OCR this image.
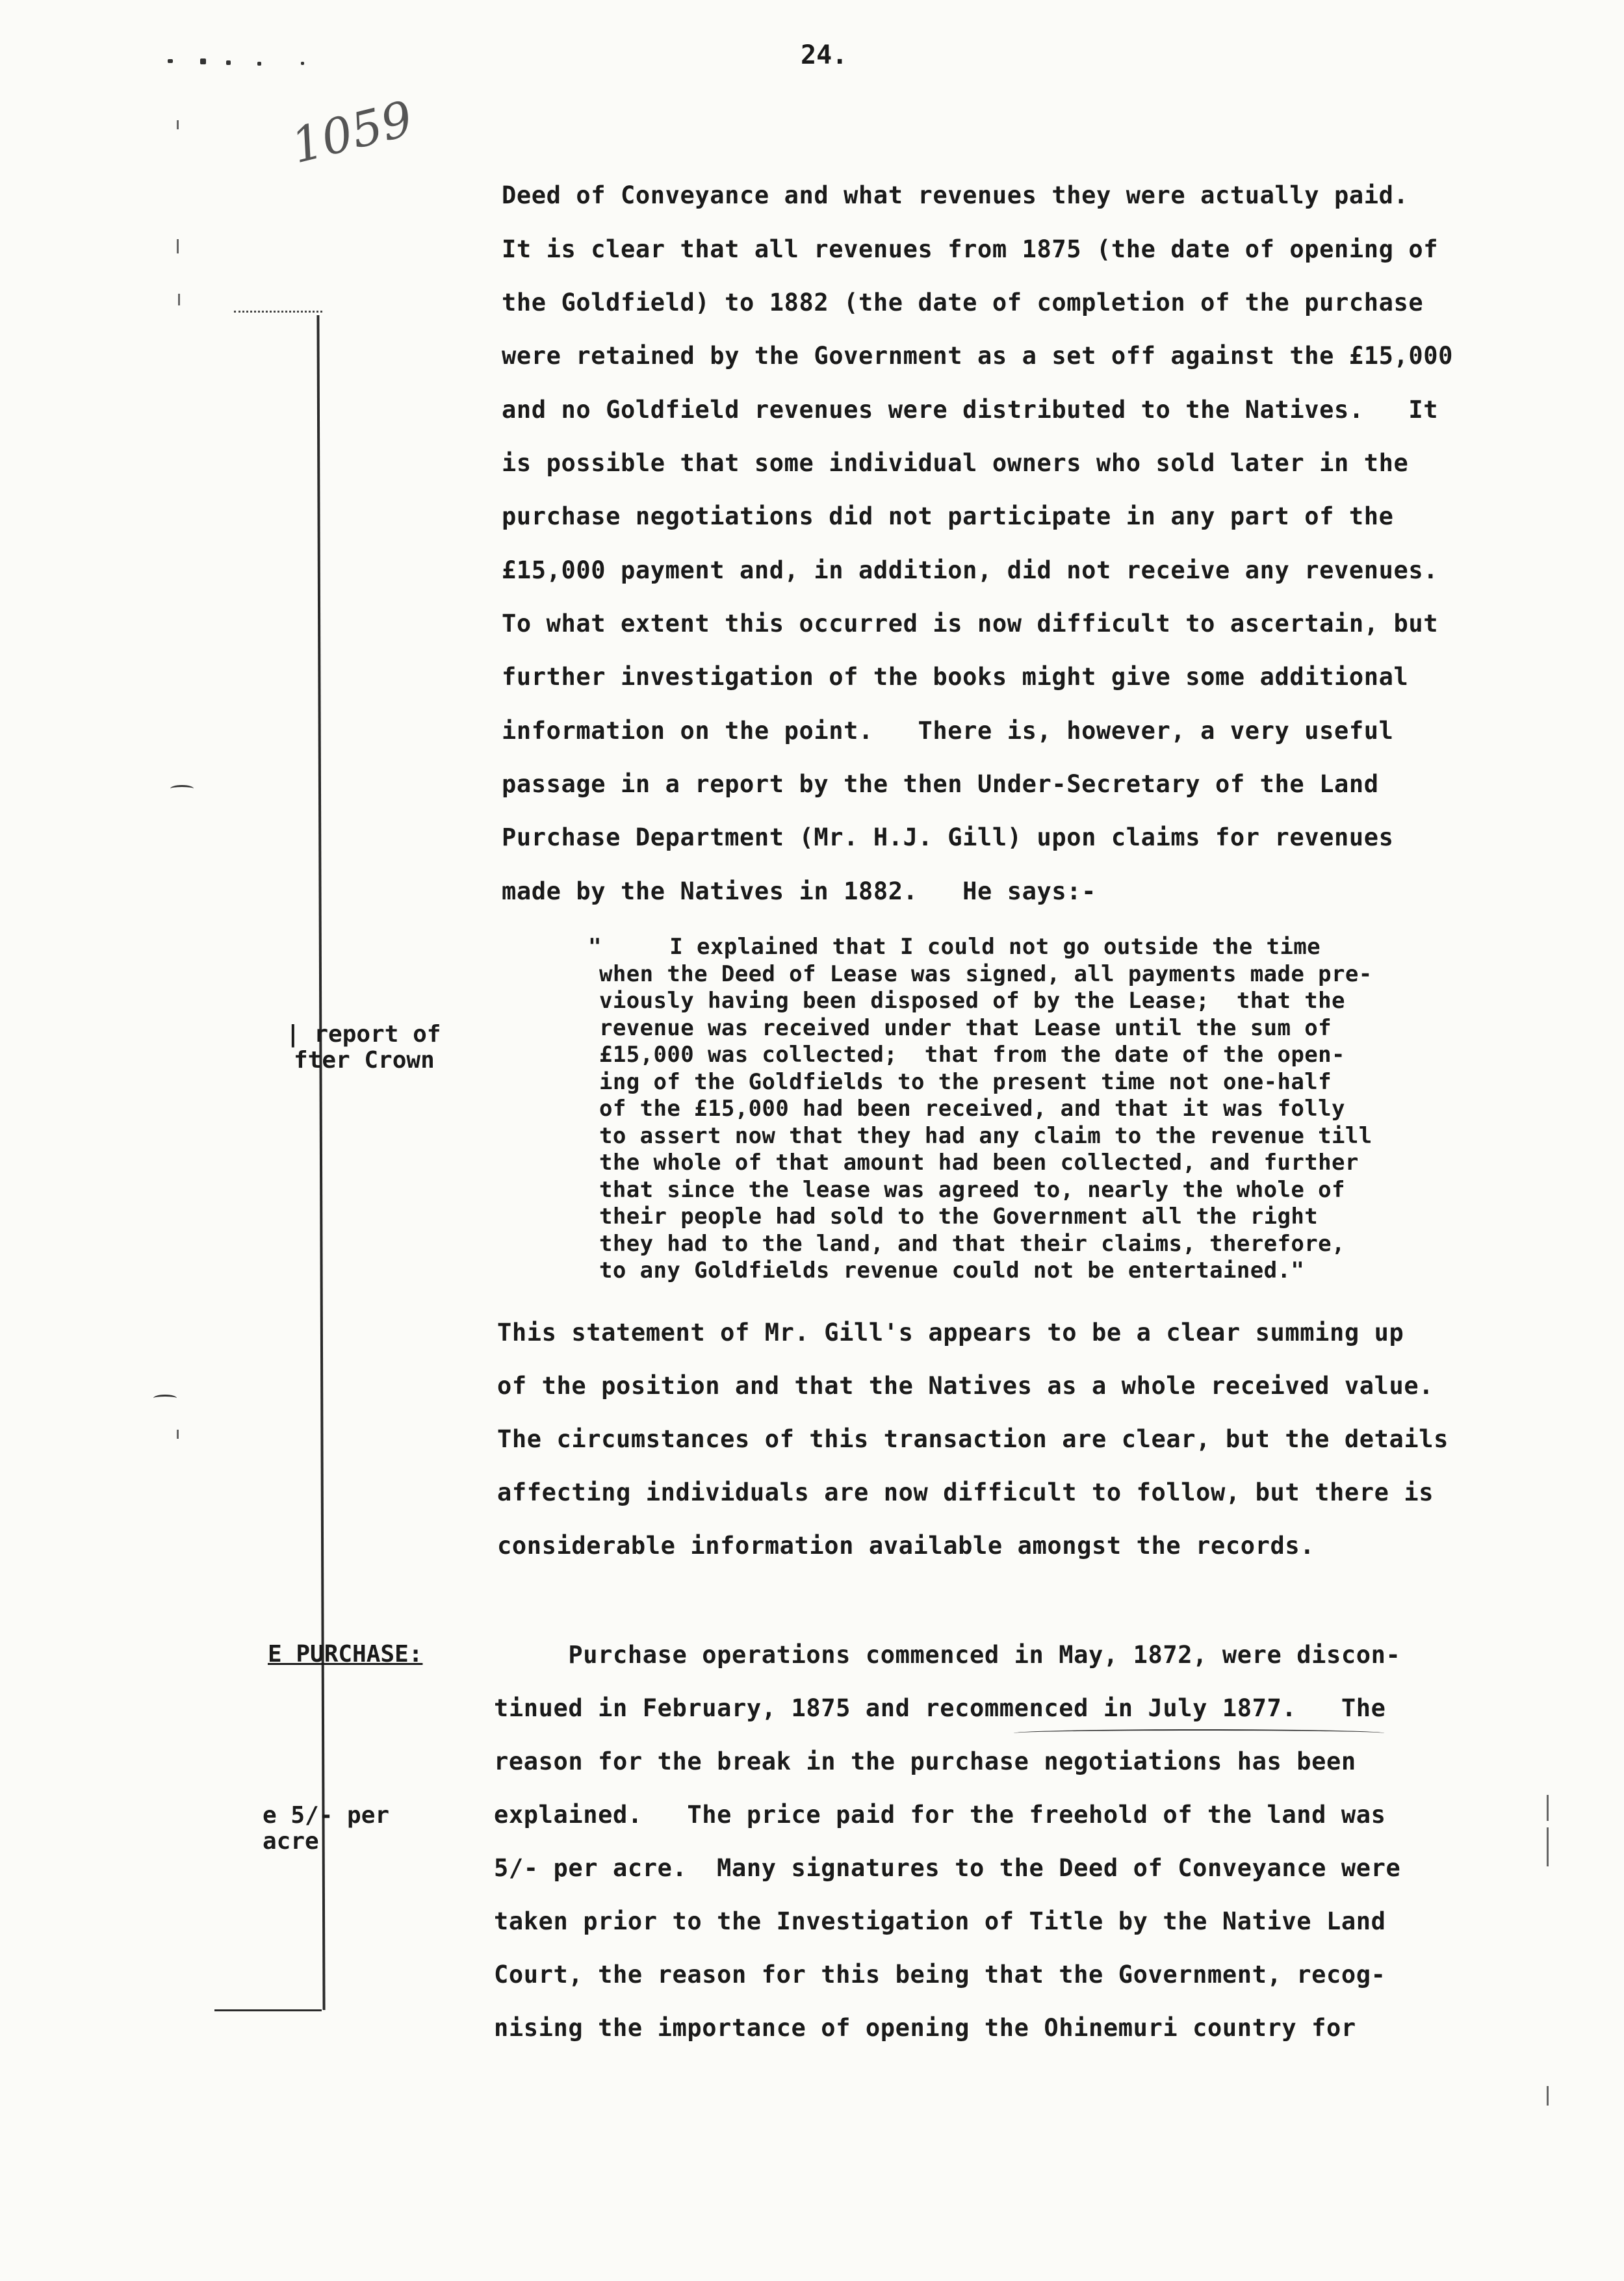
24.
1059

Deed of Conveyance and what revenues they were actually paid.

It is clear that all revenues from 1875 (the date of opening of

the Goldfield) to 1882 (the date of completion of the purchase

were retained by the Government as a set off against the £15,000

and no Goldfield revenues were distributed to the Natives.   It

is possible that some individual owners who sold later in the

purchase negotiations did not participate in any part of the

£15,000 payment and, in addition, did not receive any revenues.

To what extent this occurred is now difficult to ascertain, but

further investigation of the books might give some additional

information on the point.   There is, however, a very useful

passage in a report by the then Under-Secretary of the Land

Purchase Department (Mr. H.J. Gill) upon claims for revenues

made by the Natives in 1882.   He says:-

"     I explained that I could not go outside the time

when the Deed of Lease was signed, all payments made pre-

viously having been disposed of by the Lease;  that the

revenue was received under that Lease until the sum of

£15,000 was collected;  that from the date of the open-

ing of the Goldfields to the present time not one-half

of the £15,000 had been received, and that it was folly

to assert now that they had any claim to the revenue till

the whole of that amount had been collected, and further

that since the lease was agreed to, nearly the whole of

their people had sold to the Government all the right

they had to the land, and that their claims, therefore,

to any Goldfields revenue could not be entertained."

This statement of Mr. Gill's appears to be a clear summing up

of the position and that the Natives as a whole received value.

The circumstances of this transaction are clear, but the details

affecting individuals are now difficult to follow, but there is

considerable information available amongst the records.

Purchase operations commenced in May, 1872, were discon-

tinued in February, 1875 and recommenced in July 1877.   The

reason for the break in the purchase negotiations has been

explained.   The price paid for the freehold of the land was

5/- per acre.  Many signatures to the Deed of Conveyance were

taken prior to the Investigation of Title by the Native Land

Court, the reason for this being that the Government, recog-

nising the importance of opening the Ohinemuri country for

| report of

fter Crown

E PURCHASE:

e 5/- per

acre
